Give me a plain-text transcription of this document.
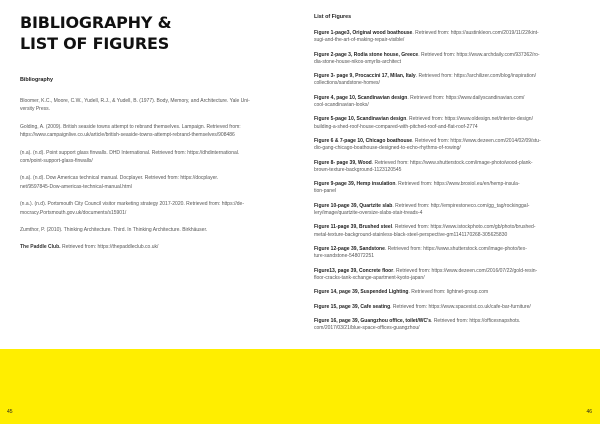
BIBLIOGRAPHY &
LIST OF FIGURES
Bibliography

Bloomer, K.C., Moore, C.W., Yudell, R.J., & Yudell, B. (1977). Body, Memory, and Architecture. Yale Uni-
versity Press.

Golding, A. (2009). British seaside towns attempt to rebrand themselves. Lampaign. Retrieved from:
https://www.campaignlive.co.uk/article/british-seaside-towns-attempt-rebrand-themselves/908486

(n.a). (n.d). Point support glass finwalls. DHD International. Retrieved from: https://dhdinternational.
com/point-support-glass-finwalls/

(n.a). (n.d). Dow Americas technical manual. Docplayer. Retrieved from: https://docplayer.
net/9597845-Dow-americas-technical-manual.html

(n.a.). (n.d). Portsmouth City Council visitor marketing strategy 2017-2020. Retrieved from: https://de-
mocracy.Portsmouth.gov.uk/documents/s15901/

Zumthor, P. (2010). Thinking Architecture. Third. In Thinking Architecture. Birkhäuser.

The Paddle Club. Retrieved from: https://thepaddleclub.co.uk/

List of Figures

Figure 1-page3, Original wood boathouse. Retrieved from: https://austinkleon.com/2019/11/22/kint-
sugi-and-the-art-of-making-repair-visible/

Figure 2-page 3, Rodia stone house, Greece. Retrieved from: https://www.archdaily.com/937362/ro-
dia-stone-house-nikos-smyrlis-architect

Figure 3- page 9, Procaccini 17, Milan, Italy. Retrieved from: https://archilizer.com/blog/inspiration/
collections/sandstone-homes/

Figure 4, page 10, Scandinavian design. Retrieved from: https://www.dailyscandinavian.com/
cool-scandinavian-looks/

Figure 5-page 10, Scandinavian design. Retrieved from: https://www.oldesign.net/interior-design/
building-a-shed-roof-house-compared-with-pitched-roof-and-flat-roof-2774

Figure 6 & 7-page 10, Chicago boathouse. Retrieved from: https://www.dezeen.com/2014/02/09/stu-
dio-gang-chicago-boathouse-designed-to-echo-rhythms-of-rowing/

Figure 8- page 39, Wood. Retrieved from: https://www.shutterstock.com/image-photo/wood-plank-
brown-texture-background-1123120545

Figure 9-page 39, Hemp insulation. Retrieved from: https://www.broxiol.eu/en/hemp-insula-
tion-panel

Figure 10-page 39, Quartzite slab. Retrieved from: http://empirestoneco.com/gg_tag/rockinggal-
lery/image/quartzite-oversize-slabs-stair-treads-4

Figure 11-page 39, Brushed steel. Retrieved from: https://www.istockphoto.com/gb/photo/brushed-
metal-texture-background-stainless-black-steel-perspective-gm1141170268-305625830

Figure 12-page 39, Sandstone. Retrieved from: https://www.shutterstock.com/image-photo/tex-
ture-sandstone-548072251

Figure13, page 39, Concrete floor. Retrieved from: https://www.dezeen.com/2016/07/22/gold-resin-
floor-cracks-tank-xchange-apartment-kyoto-japan/

Figure 14, page 39, Suspended Lighting. Retrieved from: lightnet-group.com

Figure 15, page 39, Cafe seating. Retrieved from: https://www.spacexist.co.uk/cafe-bar-furniture/

Figure 16, page 39, Guangzhou office, toilet/WC's. Retrieved from: https://officesnapshots.
com/2017/03/21/blue-space-offices-guangzhou/

45	46
